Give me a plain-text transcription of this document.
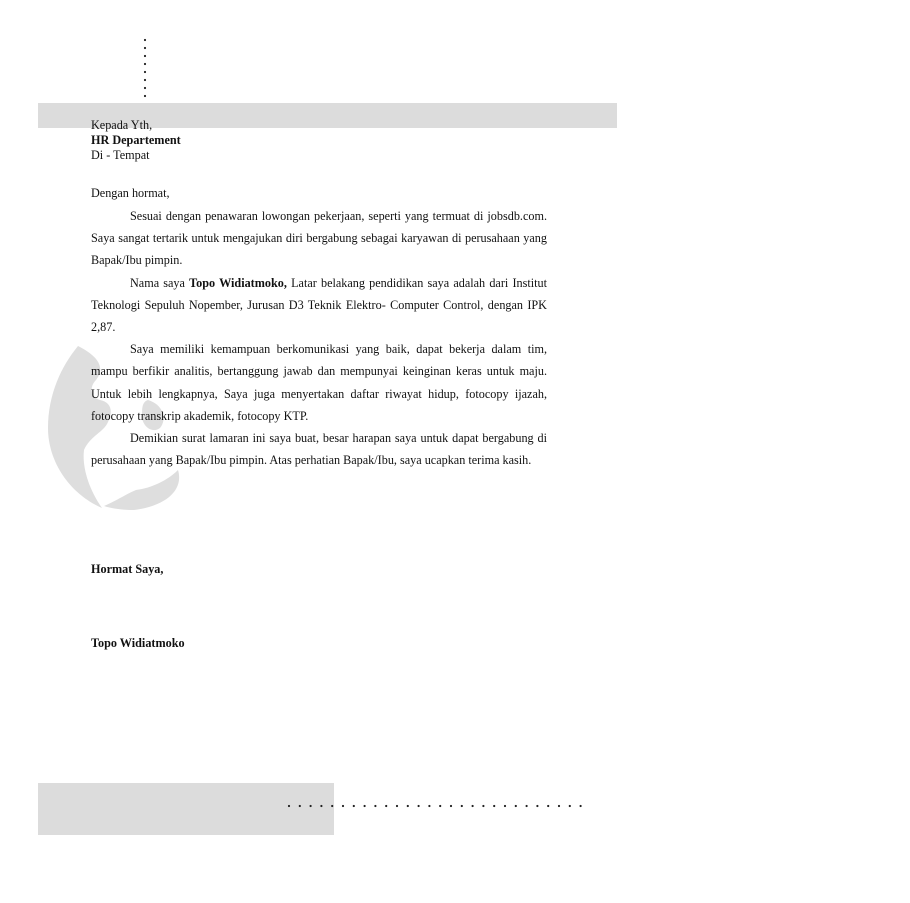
Kepada Yth,
HR Departement
Di - Tempat
Dengan hormat,

Sesuai dengan penawaran lowongan pekerjaan, seperti yang termuat di jobsdb.com. Saya sangat tertarik untuk mengajukan diri bergabung sebagai karyawan di perusahaan yang Bapak/Ibu pimpin.

Nama saya Topo Widiatmoko, Latar belakang pendidikan saya adalah dari Institut Teknologi Sepuluh Nopember, Jurusan D3 Teknik Elektro- Computer Control, dengan IPK 2,87.

Saya memiliki kemampuan berkomunikasi yang baik, dapat bekerja dalam tim, mampu berfikir analitis, bertanggung jawab dan mempunyai keinginan keras untuk maju. Untuk lebih lengkapnya, Saya juga menyertakan daftar riwayat hidup, fotocopy ijazah, fotocopy transkrip akademik, fotocopy KTP.

Demikian surat lamaran ini saya buat, besar harapan saya untuk dapat bergabung di perusahaan yang Bapak/Ibu pimpin. Atas perhatian Bapak/Ibu, saya ucapkan terima kasih.

Hormat Saya,
Topo Widiatmoko
